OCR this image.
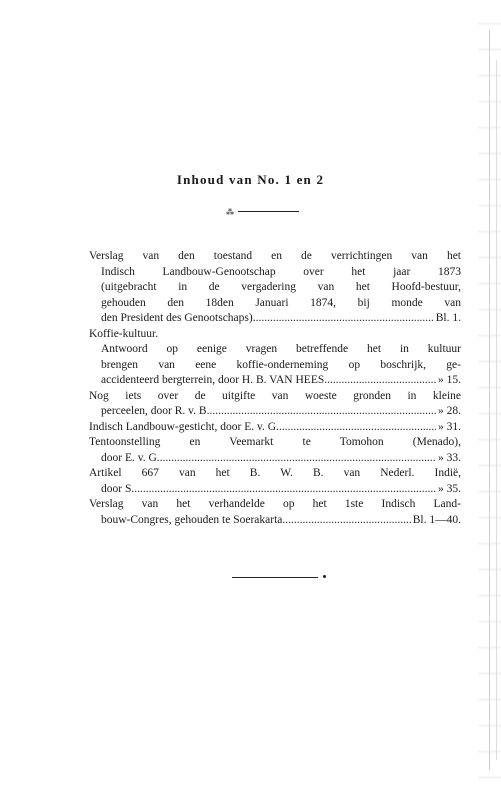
Inhoud van No. 1 en 2
⁂
Verslag van den toestand en de verrichtingen van het
Indisch Landbouw-Genootschap over het jaar 1873
(uitgebracht in de vergadering van het Hoofd-bestuur,
gehouden den 18den Januari 1874, bij monde van
den President des Genootschaps) .....	Bl. 1.
Koffie-kultuur.
Antwoord op eenige vragen betreffende het in kultuur
brengen van eene koffie-onderneming op boschrijk, ge-
accidenteerd bergterrein, door H. B. VAN HEES .....	» 15.
Nog iets over de uitgifte van woeste gronden in kleine
perceelen, door R. v. B. .....	» 28.
Indisch Landbouw-gesticht, door E. v. G. .....	» 31.
Tentoonstelling en Veemarkt te Tomohon (Menado),
door E. v. G. .....	» 33.
Artikel 667 van het B. W. B. van Nederl. Indië,
door S. .....	» 35.
Verslag van het verhandelde op het 1ste Indisch Land-
bouw-Congres, gehouden te Soerakarta .....	Bl. 1—40.
